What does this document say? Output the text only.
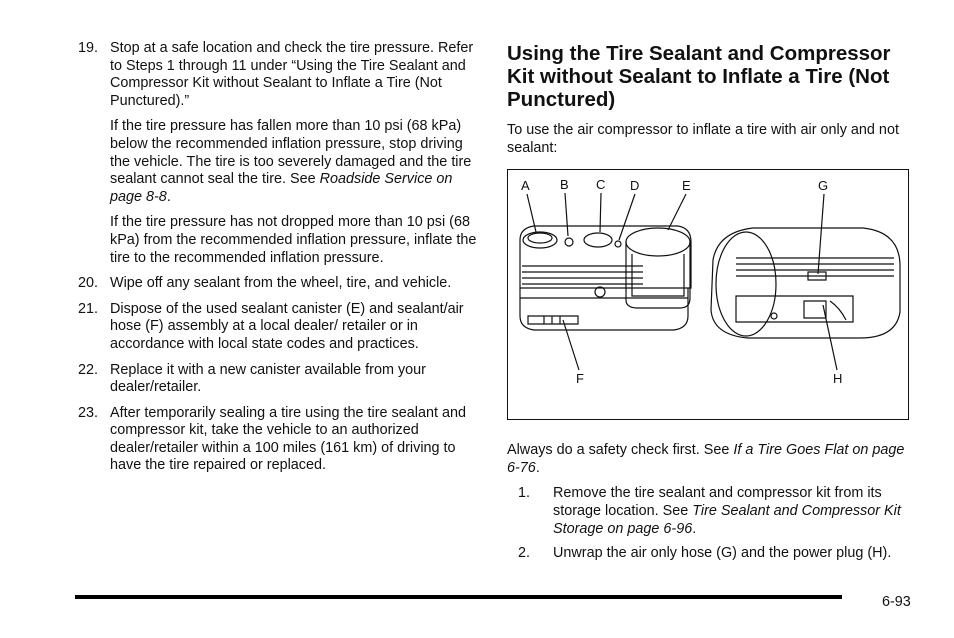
19. Stop at a safe location and check the tire pressure. Refer to Steps 1 through 11 under “Using the Tire Sealant and Compressor Kit without Sealant to Inflate a Tire (Not Punctured).”

If the tire pressure has fallen more than 10 psi (68 kPa) below the recommended inflation pressure, stop driving the vehicle. The tire is too severely damaged and the tire sealant cannot seal the tire. See Roadside Service on page 8-8.

If the tire pressure has not dropped more than 10 psi (68 kPa) from the recommended inflation pressure, inflate the tire to the recommended inflation pressure.

20. Wipe off any sealant from the wheel, tire, and vehicle.

21. Dispose of the used sealant canister (E) and sealant/air hose (F) assembly at a local dealer/ retailer or in accordance with local state codes and practices.

22. Replace it with a new canister available from your dealer/retailer.

23. After temporarily sealing a tire using the tire sealant and compressor kit, take the vehicle to an authorized dealer/retailer within a 100 miles (161 km) of driving to have the tire repaired or replaced.

Using the Tire Sealant and Compressor Kit without Sealant to Inflate a Tire (Not Punctured)

To use the air compressor to inflate a tire with air only and not sealant:

A B C D	E	G
F	H

Always do a safety check first. See If a Tire Goes Flat on page 6-76.

1. Remove the tire sealant and compressor kit from its storage location. See Tire Sealant and Compressor Kit Storage on page 6-96.
2. Unwrap the air only hose (G) and the power plug (H).
6-93
